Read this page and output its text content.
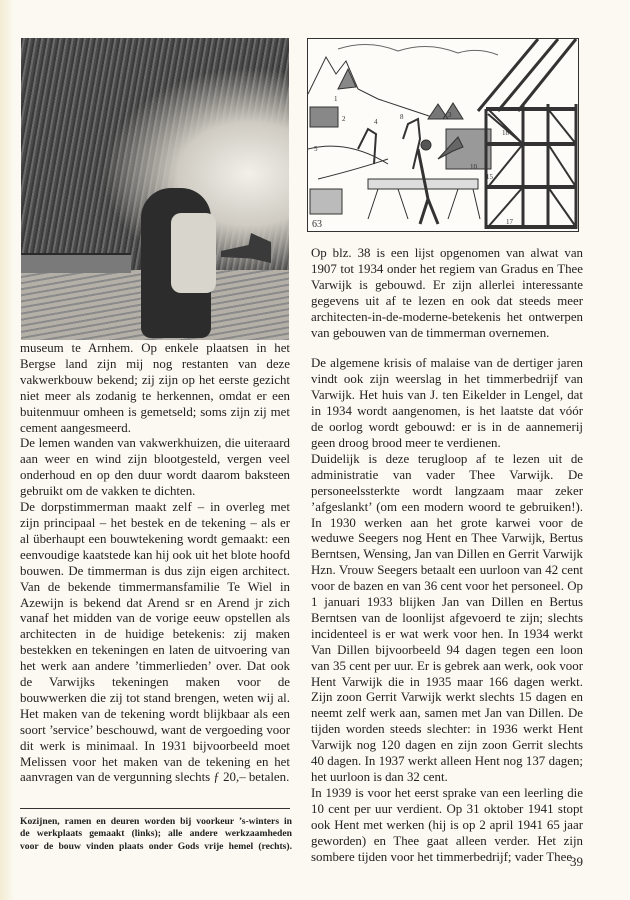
63
1
2	3
4
5
8
10
15
17
18

museum te Arnhem. Op enkele plaatsen in het Bergse land zijn mij nog restanten van deze vakwerkbouw bekend; zij zijn op het eerste gezicht niet meer als zodanig te herkennen, omdat er een buitenmuur omheen is gemetseld; soms zijn zij met cement aangesmeerd.

De lemen wanden van vakwerkhuizen, die uiteraard aan weer en wind zijn blootgesteld, vergen veel onderhoud en op den duur wordt daarom baksteen gebruikt om de vakken te dichten.

De dorpstimmerman maakt zelf – in overleg met zijn principaal – het bestek en de tekening – als er al überhaupt een bouwtekening wordt gemaakt: een eenvoudige kaatstede kan hij ook uit het blote hoofd bouwen. De timmerman is dus zijn eigen architect. Van de bekende timmermansfamilie Te Wiel in Azewijn is bekend dat Arend sr en Arend jr zich vanaf het midden van de vorige eeuw opstellen als architecten in de huidige betekenis: zij maken bestekken en tekeningen en laten de uitvoering van het werk aan andere ’timmerlieden’ over. Dat ook de Varwijks tekeningen maken voor de bouwwerken die zij tot stand brengen, weten wij al. Het maken van de tekening wordt blijkbaar als een soort ’service’ beschouwd, want de vergoeding voor dit werk is minimaal. In 1931 bijvoorbeeld moet Melissen voor het maken van de tekening en het aanvragen van de vergunning slechts ƒ 20,– betalen.

Kozijnen, ramen en deuren worden bij voorkeur ’s-winters in
de werkplaats gemaakt (links); alle andere werkzaamheden
voor de bouw vinden plaats onder Gods vrije hemel (rechts).

Op blz. 38 is een lijst opgenomen van alwat van 1907 tot 1934 onder het regiem van Gradus en Thee Varwijk is gebouwd. Er zijn allerlei interessante gegevens uit af te lezen en ook dat steeds meer architecten-in-de-moderne-betekenis het ontwerpen van gebouwen van de timmerman overnemen.

De algemene krisis of malaise van de dertiger jaren vindt ook zijn weerslag in het timmerbedrijf van Varwijk. Het huis van J. ten Eikelder in Lengel, dat in 1934 wordt aangenomen, is het laatste dat vóór de oorlog wordt gebouwd: er is in de aannemerij geen droog brood meer te verdienen.

Duidelijk is deze terugloop af te lezen uit de administratie van vader Thee Varwijk. De personeelssterkte wordt langzaam maar zeker ’afgeslankt’ (om een modern woord te gebruiken!). In 1930 werken aan het grote karwei voor de weduwe Seegers nog Hent en Thee Varwijk, Bertus Berntsen, Wensing, Jan van Dillen en Gerrit Varwijk Hzn. Vrouw Seegers betaalt een uurloon van 42 cent voor de bazen en van 36 cent voor het personeel. Op 1 januari 1933 blijken Jan van Dillen en Bertus Berntsen van de loonlijst afgevoerd te zijn; slechts incidenteel is er wat werk voor hen. In 1934 werkt Van Dillen bijvoorbeeld 94 dagen tegen een loon van 35 cent per uur. Er is gebrek aan werk, ook voor Hent Varwijk die in 1935 maar 166 dagen werkt. Zijn zoon Gerrit Varwijk werkt slechts 15 dagen en neemt zelf werk aan, samen met Jan van Dillen. De tijden worden steeds slechter: in 1936 werkt Hent Varwijk nog 120 dagen en zijn zoon Gerrit slechts 40 dagen. In 1937 werkt alleen Hent nog 137 dagen; het uurloon is dan 32 cent.

In 1939 is voor het eerst sprake van een leerling die 10 cent per uur verdient. Op 31 oktober 1941 stopt ook Hent met werken (hij is op 2 april 1941 65 jaar geworden) en Thee gaat alleen verder. Het zijn sombere tijden voor het timmerbedrijf; vader Thee

39
